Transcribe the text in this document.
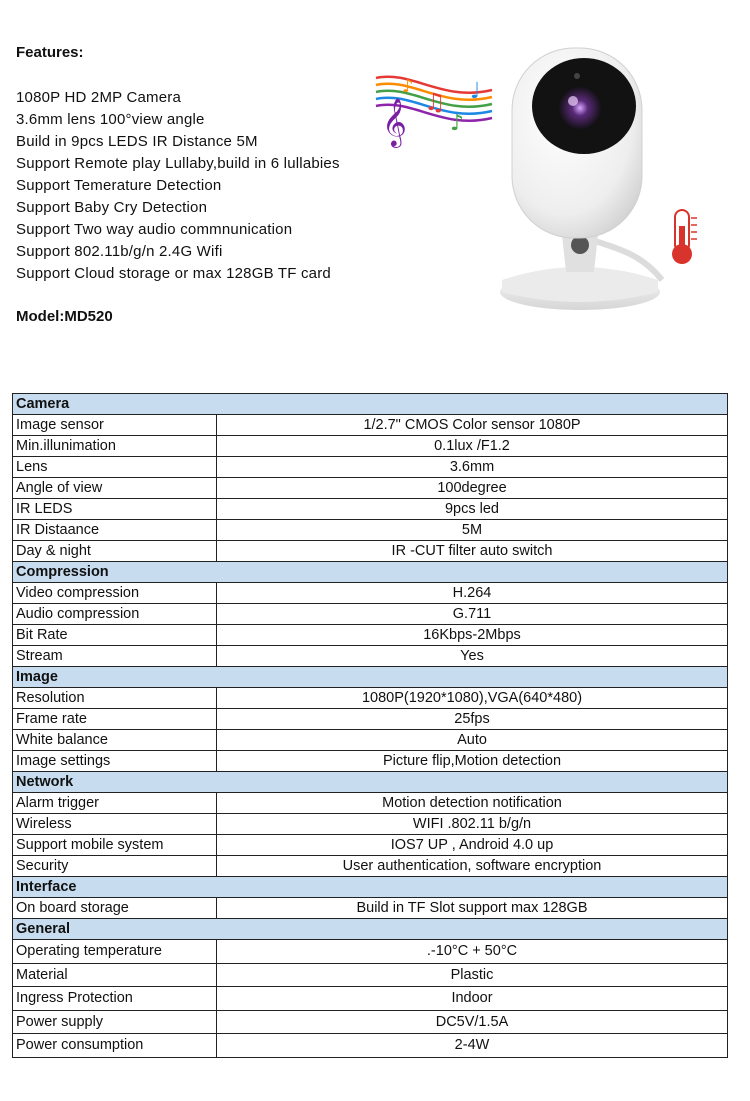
Features:
1080P HD 2MP Camera
3.6mm lens 100°view angle
Build in 9pcs LEDS IR Distance 5M
Support Remote play Lullaby,build in 6 lullabies
Support Temerature Detection
Support Baby Cry Detection
Support Two way audio commnunication
Support 802.11b/g/n 2.4G Wifi
Support Cloud storage or max 128GB TF card
Model:MD520
𝄞 ♫
♪
♩
♪
Camera	
Image sensor	1/2.7" CMOS Color sensor 1080P
Min.illunimation	0.1lux /F1.2
Lens	3.6mm
Angle of view	100degree
IR LEDS	9pcs led
IR Distaance	5M
Day & night	IR -CUT filter auto switch
Compression	
Video compression	H.264
Audio compression	G.711
Bit Rate	16Kbps-2Mbps
Stream	Yes
Image	
Resolution	1080P(1920*1080),VGA(640*480)
Frame rate	25fps
White balance	Auto
Image settings	Picture flip,Motion detection
Network	
Alarm trigger	Motion detection notification
Wireless	WIFI .802.11 b/g/n
Support mobile system	IOS7 UP , Android 4.0 up
Security	User authentication, software encryption
Interface	
On board storage	Build in TF Slot support max 128GB
General	
Operating temperature	.-10°C + 50°C
Material	Plastic
Ingress Protection	Indoor
Power supply	DC5V/1.5A
Power consumption	2-4W
